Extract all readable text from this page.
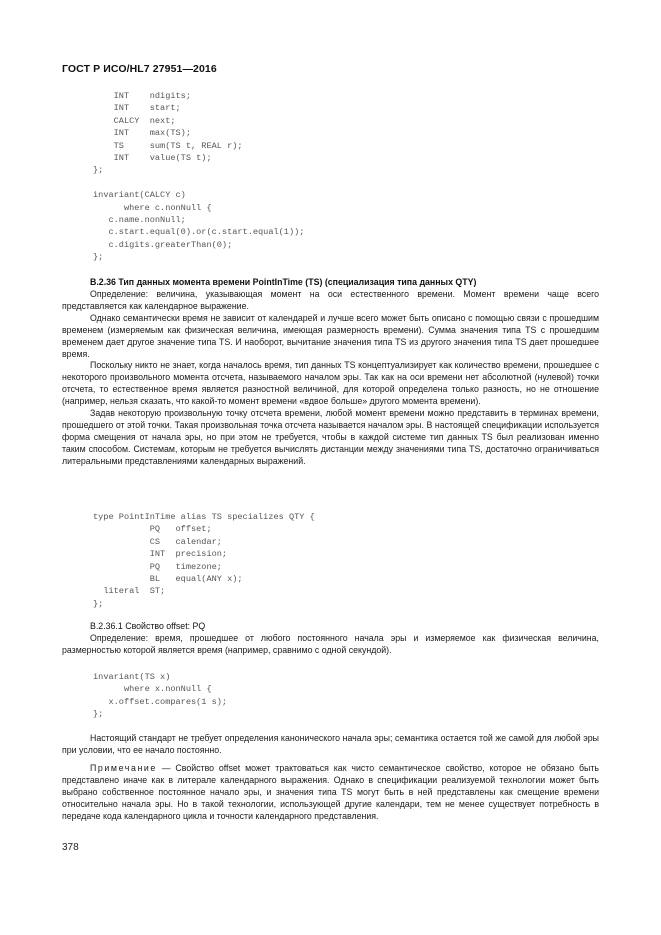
ГОСТ Р ИСО/HL7 27951—2016
INT    ndigits;
INT    start;
CALCY  next;
INT    max(TS);
TS     sum(TS t, REAL r);
INT    value(TS t);
};

invariant(CALCY c)
where c.nonNull {
c.name.nonNull;
c.start.equal(0).or(c.start.equal(1));
c.digits.greaterThan(0);
};
B.2.36 Тип данных момента времени PointInTime (TS) (специализация типа данных QTY)

Определение: величина, указывающая момент на оси естественного времени. Момент времени чаще всего представляется как календарное выражение.

Однако семантически время не зависит от календарей и лучше всего может быть описано с помощью связи с прошедшим временем (измеряемым как физическая величина, имеющая размерность времени). Сумма значения типа TS с прошедшим временем дает другое значение типа TS. И наоборот, вычитание значения типа TS из другого значения типа TS дает прошедшее время.

Поскольку никто не знает, когда началось время, тип данных TS концептуализирует как количество времени, прошедшее с некоторого произвольного момента отсчета, называемого началом эры. Так как на оси времени нет абсолютной (нулевой) точки отсчета, то естественное время является разностной величиной, для которой определена только разность, но не отношение (например, нельзя сказать, что какой-то момент времени «вдвое больше» другого момента времени).

Задав некоторую произвольную точку отсчета времени, любой момент времени можно представить в терминах времени, прошедшего от этой точки. Такая произвольная точка отсчета называется началом эры. В настоящей спецификации используется форма смещения от начала эры, но при этом не требуется, чтобы в каждой системе тип данных TS был реализован именно таким способом. Системам, которым не требуется вычислять дистанции между значениями типа TS, достаточно ограничиваться литеральными представлениями календарных выражений.

type PointInTime alias TS specializes QTY {
PQ   offset;
CS   calendar;
INT  precision;
PQ   timezone;
BL   equal(ANY x);
literal  ST;
};
B.2.36.1 Свойство offset: PQ

Определение: время, прошедшее от любого постоянного начала эры и измеряемое как физическая величина, размерностью которой является время (например, сравнимо с одной секундой).

invariant(TS x)
where x.nonNull {
x.offset.compares(1 s);
};

Настоящий стандарт не требует определения канонического начала эры; семантика остается той же самой для любой эры при условии, что ее начало постоянно.

Примечание — Свойство offset может трактоваться как чисто семантическое свойство, которое не обязано быть представлено иначе как в литерале календарного выражения. Однако в спецификации реализуемой технологии может быть выбрано собственное постоянное начало эры, и значения типа TS могут быть в ней представлены как смещение времени относительно начала эры. Но в такой технологии, использующей другие календари, тем не менее существует потребность в передаче кода календарного цикла и точности календарного представления.

378
